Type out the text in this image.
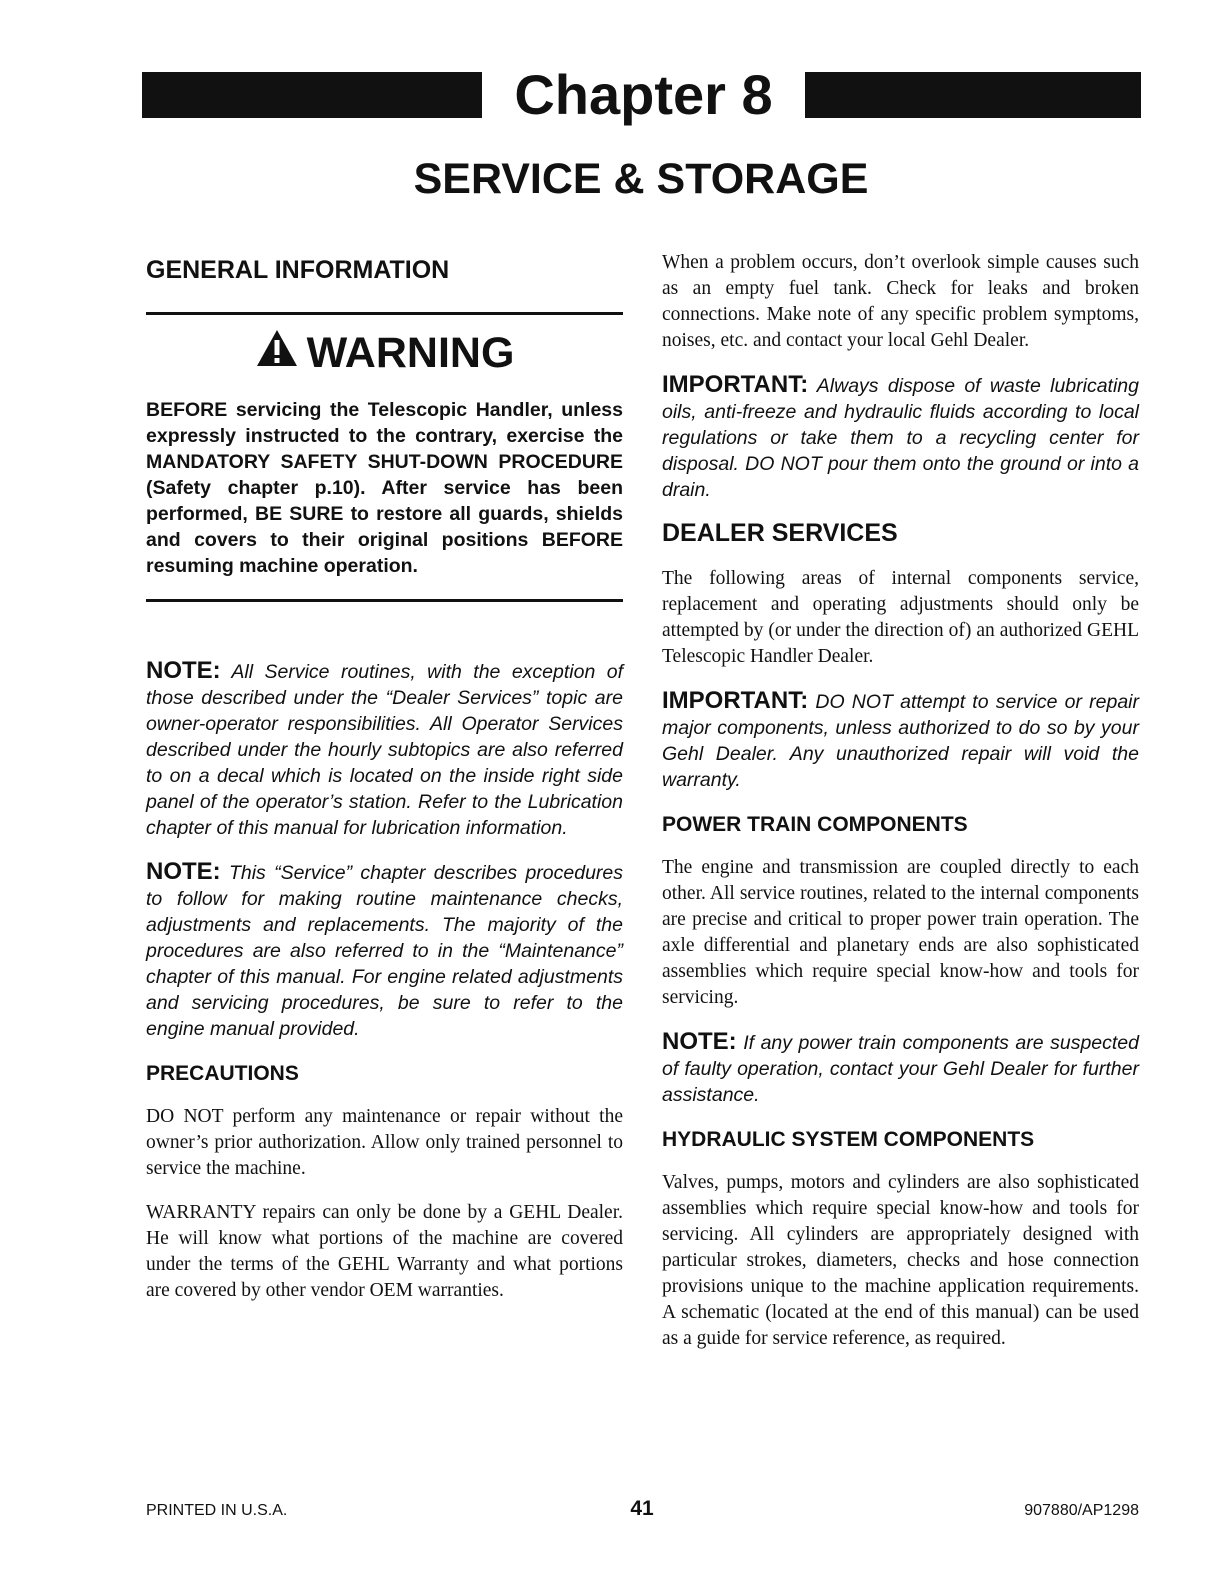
Chapter 8
SERVICE & STORAGE
GENERAL INFORMATION
WARNING

BEFORE servicing the Telescopic Handler, unless expressly instructed to the contrary, exercise the MANDATORY SAFETY SHUT-DOWN PROCEDURE (Safety chapter p.10). After service has been performed, BE SURE to restore all guards, shields and covers to their original positions BEFORE resuming machine operation.

NOTE: All Service routines, with the exception of those described under the “Dealer Services” topic are owner-operator responsibilities. All Operator Services described under the hourly subtopics are also referred to on a decal which is located on the inside right side panel of the operator’s station. Refer to the Lubrication chapter of this manual for lubrication information.

NOTE: This “Service” chapter describes procedures to follow for making routine maintenance checks, adjustments and replacements. The majority of the procedures are also referred to in the “Maintenance” chapter of this manual. For engine related adjustments and servicing procedures, be sure to refer to the engine manual provided.

PRECAUTIONS

DO NOT perform any maintenance or repair without the owner’s prior authorization. Allow only trained personnel to service the machine.

WARRANTY repairs can only be done by a GEHL Dealer. He will know what portions of the machine are covered under the terms of the GEHL Warranty and what portions are covered by other vendor OEM warranties.

When a problem occurs, don’t overlook simple causes such as an empty fuel tank. Check for leaks and broken connections. Make note of any specific problem symptoms, noises, etc. and contact your local Gehl Dealer.

IMPORTANT: Always dispose of waste lubricating oils, anti-freeze and hydraulic fluids according to local regulations or take them to a recycling center for disposal. DO NOT pour them onto the ground or into a drain.

DEALER SERVICES

The following areas of internal components service, replacement and operating adjustments should only be attempted by (or under the direction of) an authorized GEHL Telescopic Handler Dealer.

IMPORTANT: DO NOT attempt to service or repair major components, unless authorized to do so by your Gehl Dealer. Any unauthorized repair will void the warranty.

POWER TRAIN COMPONENTS

The engine and transmission are coupled directly to each other. All service routines, related to the internal components are precise and critical to proper power train operation. The axle differential and planetary ends are also sophisticated assemblies which require special know-how and tools for servicing.

NOTE: If any power train components are suspected of faulty operation, contact your Gehl Dealer for further assistance.

HYDRAULIC SYSTEM COMPONENTS

Valves, pumps, motors and cylinders are also sophisticated assemblies which require special know-how and tools for servicing. All cylinders are appropriately designed with particular strokes, diameters, checks and hose connection provisions unique to the machine application requirements. A schematic (located at the end of this manual) can be used as a guide for service reference, as required.

PRINTED IN U.S.A.	41	907880/AP1298
